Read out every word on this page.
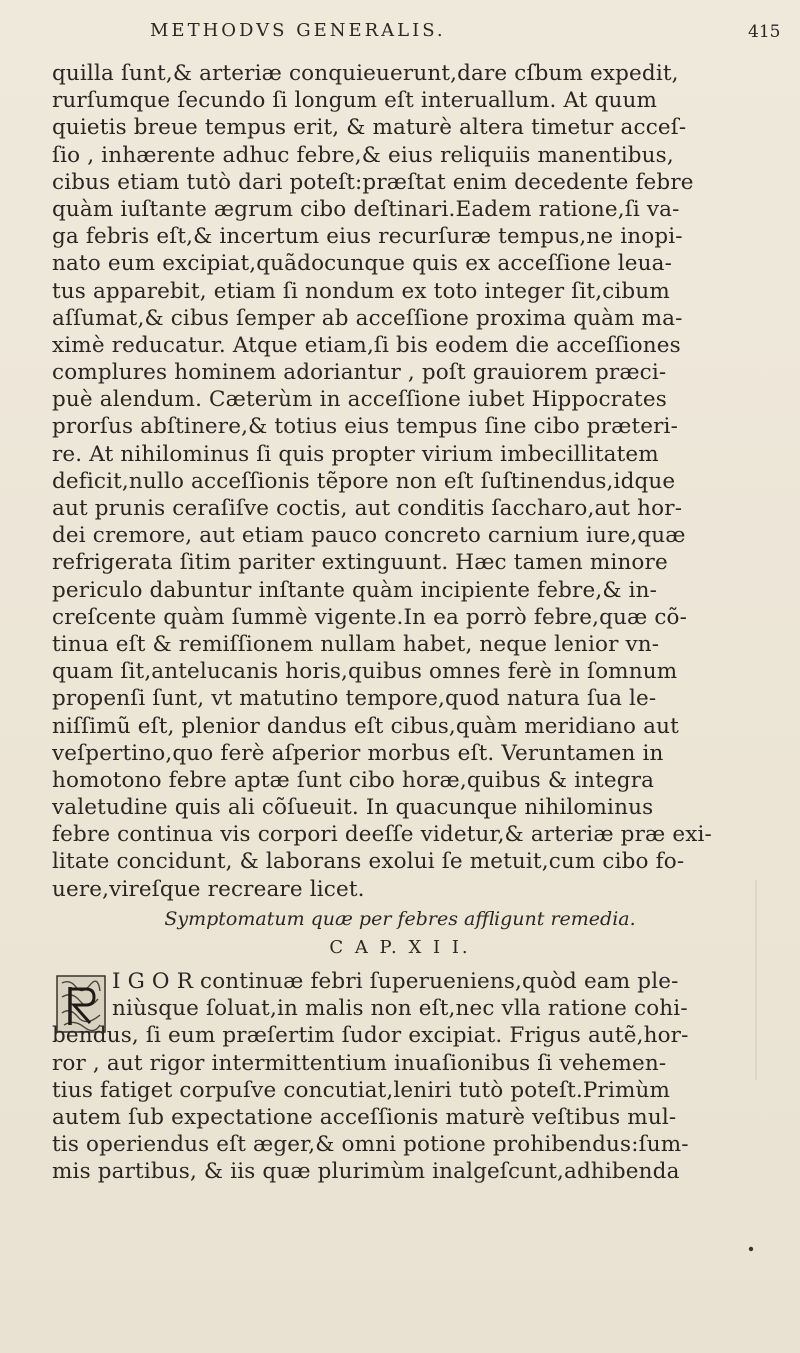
METHODVS GENERALIS.	415
quilla ſunt,& arteriæ conquieuerunt,dare cſbum expedit,
rurſumque ſecundo ſi longum eſt interuallum. At quum
quietis breue tempus erit, & maturè altera timetur acceſ-
ſio , inhærente adhuc febre,& eius reliquiis manentibus,
cibus etiam tutò dari poteſt:præſtat enim decedente febre
quàm iuſtante ægrum cibo deſtinari.Eadem ratione,ſi va-
ga febris eſt,& incertum eius recurſuræ tempus,ne inopi-
nato eum excipiat,quãdocunque quis ex acceſſione leua-
tus apparebit, etiam ſi nondum ex toto integer ſit,cibum
aſſumat,& cibus ſemper ab acceſſione proxima quàm ma-
ximè reducatur. Atque etiam,ſi bis eodem die acceſſiones
complures hominem adoriantur , poſt grauiorem præci-
puè alendum. Cæterùm in acceſſione iubet Hippocrates
prorſus abſtinere,& totius eius tempus ſine cibo præteri-
re. At nihilominus ſi quis propter virium imbecillitatem
deficit,nullo acceſſionis tẽpore non eſt ſuſtinendus,idque
aut prunis ceraſiſve coctis, aut conditis ſaccharo,aut hor-
dei cremore, aut etiam pauco concreto carnium iure,quæ
refrigerata ſitim pariter extinguunt. Hæc tamen minore
periculo dabuntur inſtante quàm incipiente febre,& in-
creſcente quàm ſummè vigente.In ea porrò febre,quæ cõ-
tinua eſt & remiſſionem nullam habet, neque lenior vn-
quam ſit,antelucanis horis,quibus omnes ferè in ſomnum
propenſi ſunt, vt matutino tempore,quod natura ſua le-
niſſimũ eſt, plenior dandus eſt cibus,quàm meridiano aut
veſpertino,quo ferè aſperior morbus eſt. Veruntamen in
homotono febre aptæ ſunt cibo horæ,quibus & integra
valetudine quis ali cõſueuit. In quacunque nihilominus
febre continua vis corpori deeſſe videtur,& arteriæ præ exi-
litate concidunt, & laborans exolui ſe metuit,cum cibo fo-
uere,vireſque recreare licet.
Symptomatum quæ per febres affligunt remedia.
C A P. X I I.
I G O R continuæ febri ſuperueniens,quòd eam ple-
niùsque ſoluat,in malis non eſt,nec vlla ratione cohi-
bendus, ſi eum præſertim ſudor excipiat. Frigus autẽ,hor-
ror , aut rigor intermittentium inuaſionibus ſi vehemen-
tius fatiget corpuſve concutiat,leniri tutò poteſt.Primùm
autem ſub expectatione acceſſionis maturè veſtibus mul-
tis operiendus eſt æger,& omni potione prohibendus:ſum-
mis partibus, & iis quæ plurimùm inalgeſcunt,adhibenda
